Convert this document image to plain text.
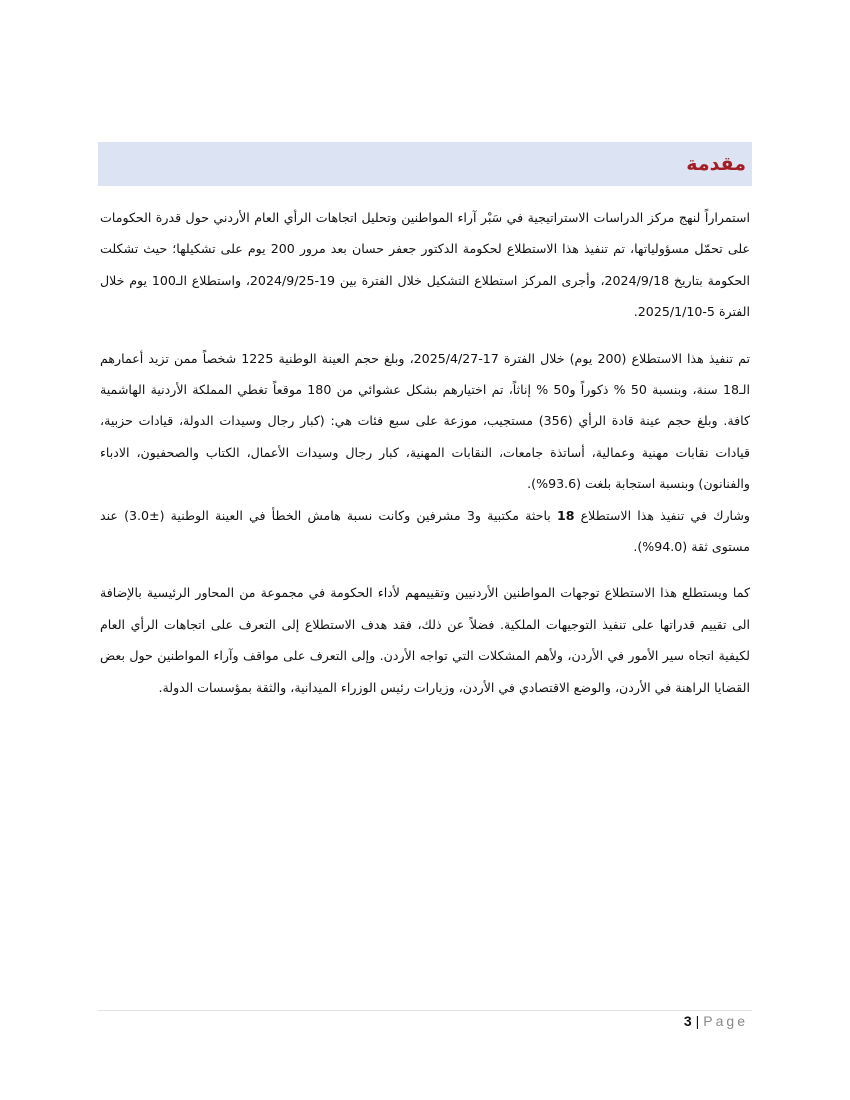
مقدمة

استمراراً لنهج مركز الدراسات الاستراتيجية في سَبْر آراء المواطنين وتحليل اتجاهات الرأي العام الأردني حول قدرة الحكومات على تحمّل مسؤولياتها، تم تنفيذ هذا الاستطلاع لحكومة الدكتور جعفر حسان بعد مرور 200 يوم على تشكيلها؛ حيث تشكلت الحكومة بتاريخ 2024/9/18، وأجرى المركز استطلاع التشكيل خلال الفترة بين 19-2024/9/25، واستطلاع الـ100 يوم خلال الفترة 5-2025/1/10.

تم تنفيذ هذا الاستطلاع (200 يوم) خلال الفترة 17-2025/4/27، وبلغ حجم العينة الوطنية 1225 شخصاً ممن تزيد أعمارهم الـ18 سنة، وبنسبة 50 % ذكوراً و50 % إناثاً، تم اختيارهم بشكل عشوائي من 180 موقعاً تغطي المملكة الأردنية الهاشمية كافة. وبلغ حجم عينة قادة الرأي (356) مستجيب، موزعة على سبع فئات هي: (كبار رجال وسيدات الدولة، قيادات حزبية، قيادات نقابات مهنية وعمالية، أساتذة جامعات، النقابات المهنية، كبار رجال وسيدات الأعمال، الكتاب والصحفيون، الادباء والفنانون) وبنسبة استجابة بلغت (93.6%).

وشارك في تنفيذ هذا الاستطلاع 18 باحثة مكتبية و3 مشرفين وكانت نسبة هامش الخطأ في العينة الوطنية (±3.0) عند مستوى ثقة (94.0%).

كما ويستطلع هذا الاستطلاع توجهات المواطنين الأردنيين وتقييمهم لأداء الحكومة في مجموعة من المحاور الرئيسية بالإضافة الى تقييم قدراتها على تنفيذ التوجيهات الملكية. فضلاً عن ذلك، فقد هدف الاستطلاع إلى التعرف على اتجاهات الرأي العام لكيفية اتجاه سير الأمور في الأردن، ولأهم المشكلات التي تواجه الأردن. وإلى التعرف على مواقف وآراء المواطنين حول بعض القضايا الراهنة في الأردن، والوضع الاقتصادي في الأردن، وزيارات رئيس الوزراء الميدانية، والثقة بمؤسسات الدولة.

3 | Page
